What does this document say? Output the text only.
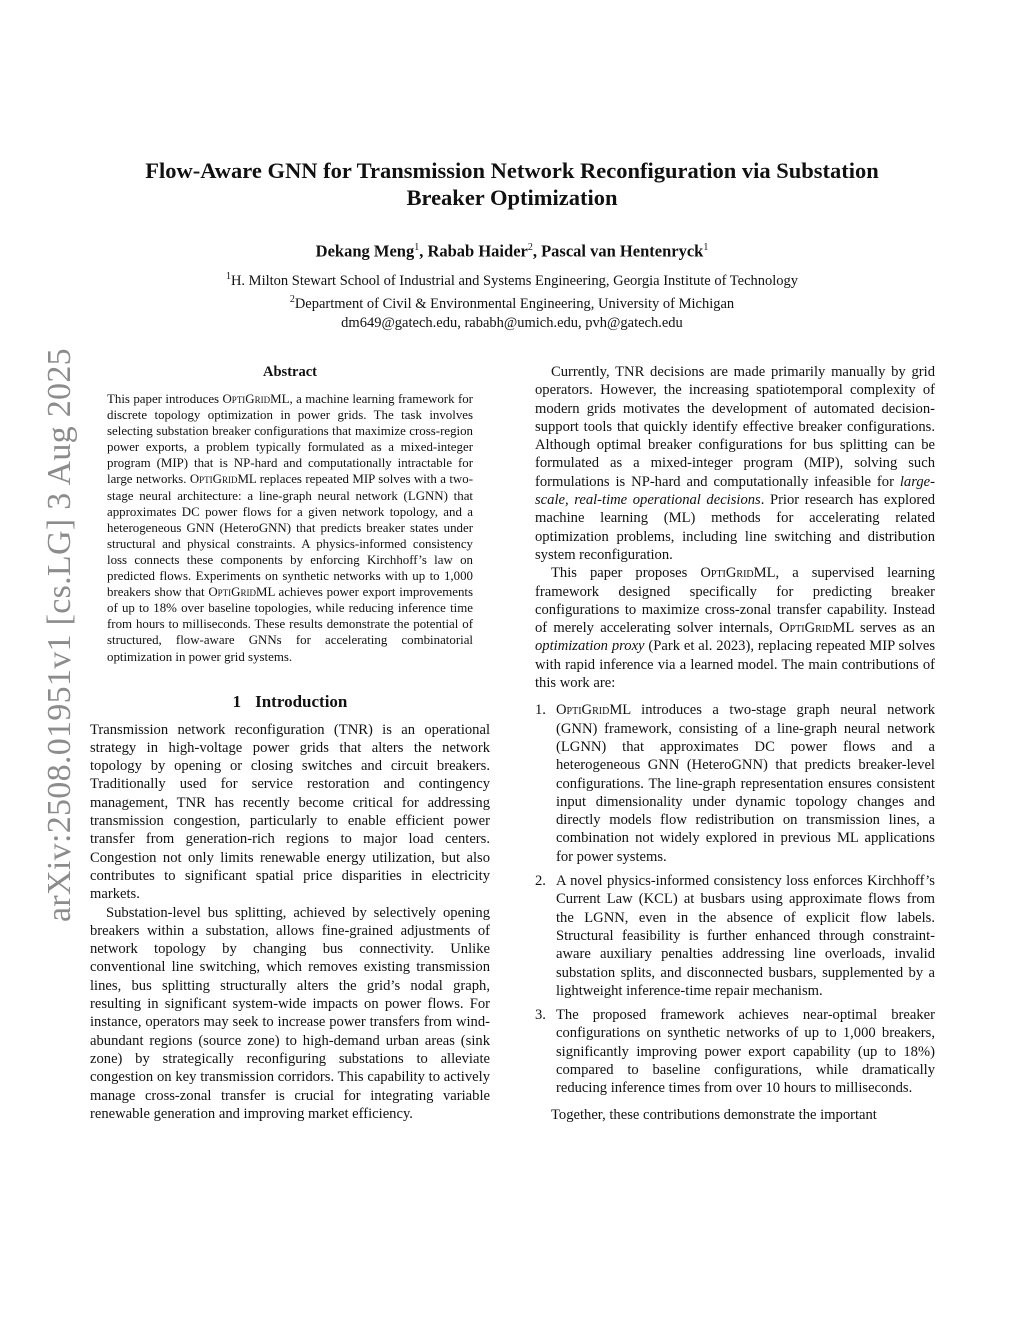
arXiv:2508.01951v1 [cs.LG] 3 Aug 2025
Flow-Aware GNN for Transmission Network Reconfiguration via Substation
Breaker Optimization
Dekang Meng$^1$, Rabab Haider$^2$, Pascal van Hentenryck$^1$
$^1$H. Milton Stewart School of Industrial and Systems Engineering, Georgia Institute of Technology
$^2$Department of Civil & Environmental Engineering, University of Michigan
dm649@gatech.edu, rababh@umich.edu, pvh@gatech.edu
Abstract
This paper introduces OptiGridML, a machine learning framework for discrete topology optimization in power grids. The task involves selecting substation breaker configurations that maximize cross-region power exports, a problem typically formulated as a mixed-integer program (MIP) that is NP-hard and computationally intractable for large networks. OptiGridML replaces repeated MIP solves with a two-stage neural architecture: a line-graph neural network (LGNN) that approximates DC power flows for a given network topology, and a heterogeneous GNN (HeteroGNN) that predicts breaker states under structural and physical constraints. A physics-informed consistency loss connects these components by enforcing Kirchhoff’s law on predicted flows. Experiments on synthetic networks with up to 1,000 breakers show that OptiGridML achieves power export improvements of up to 18% over baseline topologies, while reducing inference time from hours to milliseconds. These results demonstrate the potential of structured, flow-aware GNNs for accelerating combinatorial optimization in power grid systems.
1 Introduction

Transmission network reconfiguration (TNR) is an operational strategy in high-voltage power grids that alters the network topology by opening or closing switches and circuit breakers. Traditionally used for service restoration and contingency management, TNR has recently become critical for addressing transmission congestion, particularly to enable efficient power transfer from generation-rich regions to major load centers. Congestion not only limits renewable energy utilization, but also contributes to significant spatial price disparities in electricity markets.

Substation-level bus splitting, achieved by selectively opening breakers within a substation, allows fine-grained adjustments of network topology by changing bus connectivity. Unlike conventional line switching, which removes existing transmission lines, bus splitting structurally alters the grid’s nodal graph, resulting in significant system-wide impacts on power flows. For instance, operators may seek to increase power transfers from wind-abundant regions (source zone) to high-demand urban areas (sink zone) by strategically reconfiguring substations to alleviate congestion on key transmission corridors. This capability to actively manage cross-zonal transfer is crucial for integrating variable renewable generation and improving market efficiency.

Currently, TNR decisions are made primarily manually by grid operators. However, the increasing spatiotemporal complexity of modern grids motivates the development of automated decision-support tools that quickly identify effective breaker configurations. Although optimal breaker configurations for bus splitting can be formulated as a mixed-integer program (MIP), solving such formulations is NP-hard and computationally infeasible for large-scale, real-time operational decisions. Prior research has explored machine learning (ML) methods for accelerating related optimization problems, including line switching and distribution system reconfiguration.

This paper proposes OptiGridML, a supervised learning framework designed specifically for predicting breaker configurations to maximize cross-zonal transfer capability. Instead of merely accelerating solver internals, OptiGridML serves as an optimization proxy (Park et al. 2023), replacing repeated MIP solves with rapid inference via a learned model. The main contributions of this work are:

1. OptiGridML introduces a two-stage graph neural network (GNN) framework, consisting of a line-graph neural network (LGNN) that approximates DC power flows and a heterogeneous GNN (HeteroGNN) that predicts breaker-level configurations. The line-graph representation ensures consistent input dimensionality under dynamic topology changes and directly models flow redistribution on transmission lines, a combination not widely explored in previous ML applications for power systems.
2. A novel physics-informed consistency loss enforces Kirchhoff’s Current Law (KCL) at busbars using approximate flows from the LGNN, even in the absence of explicit flow labels. Structural feasibility is further enhanced through constraint-aware auxiliary penalties addressing line overloads, invalid substation splits, and disconnected busbars, supplemented by a lightweight inference-time repair mechanism.
3. The proposed framework achieves near-optimal breaker configurations on synthetic networks of up to 1,000 breakers, significantly improving power export capability (up to 18%) compared to baseline configurations, while dramatically reducing inference times from over 10 hours to milliseconds.

Together, these contributions demonstrate the important
